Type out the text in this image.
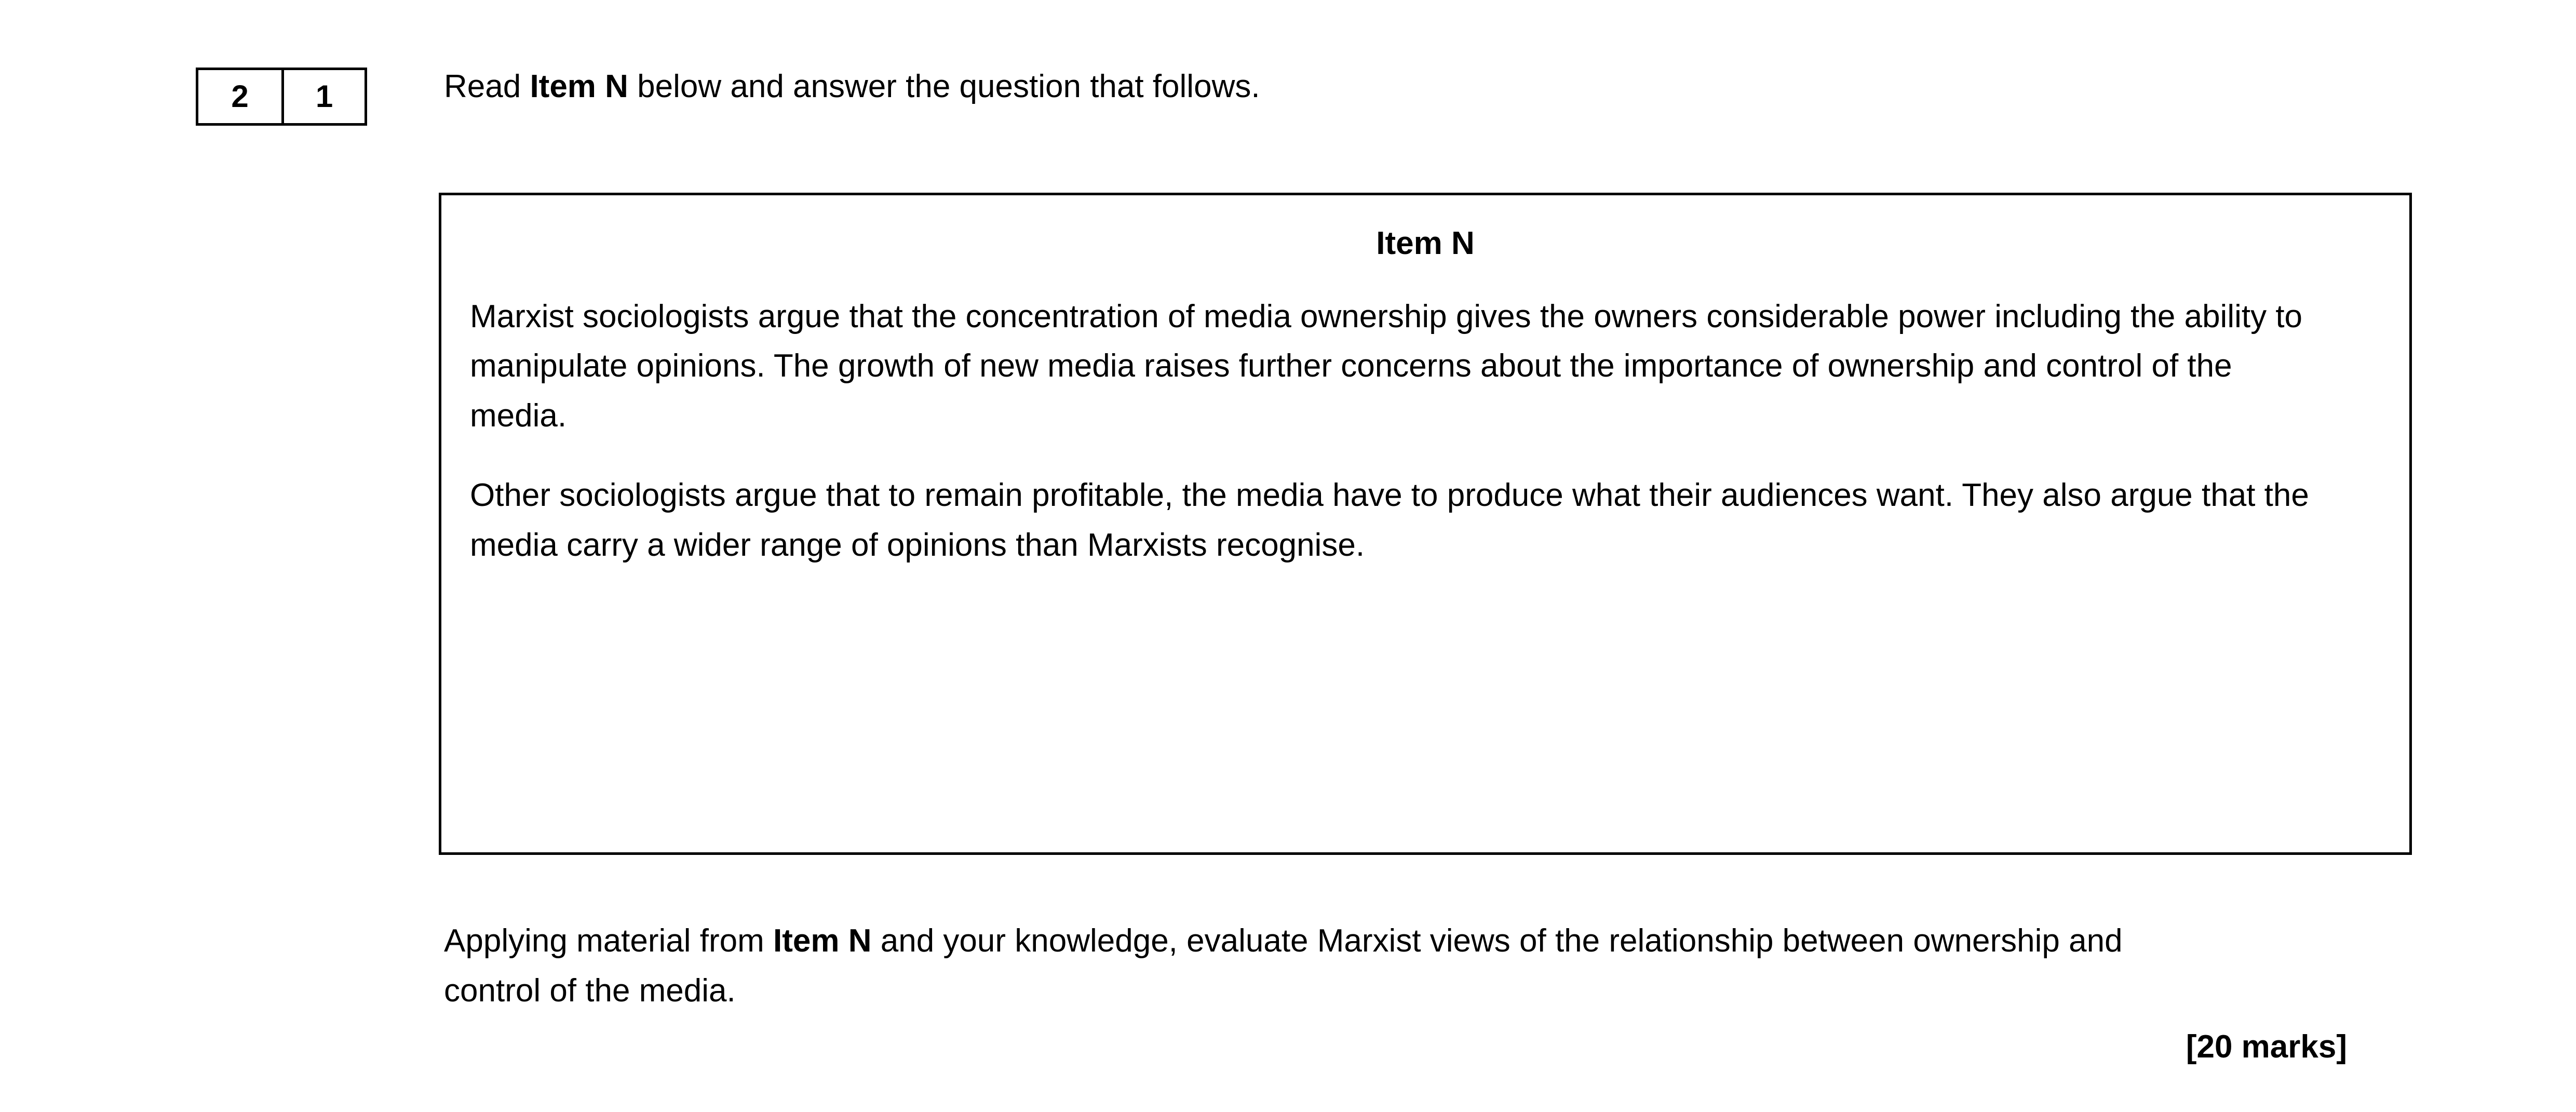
2	1	Read Item N below and answer the question that follows.
Item N

Marxist sociologists argue that the concentration of media ownership gives the owners considerable power including the ability to manipulate opinions. The growth of new media raises further concerns about the importance of ownership and control of the media.

Other sociologists argue that to remain profitable, the media have to produce what their audiences want. They also argue that the media carry a wider range of opinions than Marxists recognise.

Applying material from Item N and your knowledge, evaluate Marxist views of the relationship between ownership and control of the media.
[20 marks]
